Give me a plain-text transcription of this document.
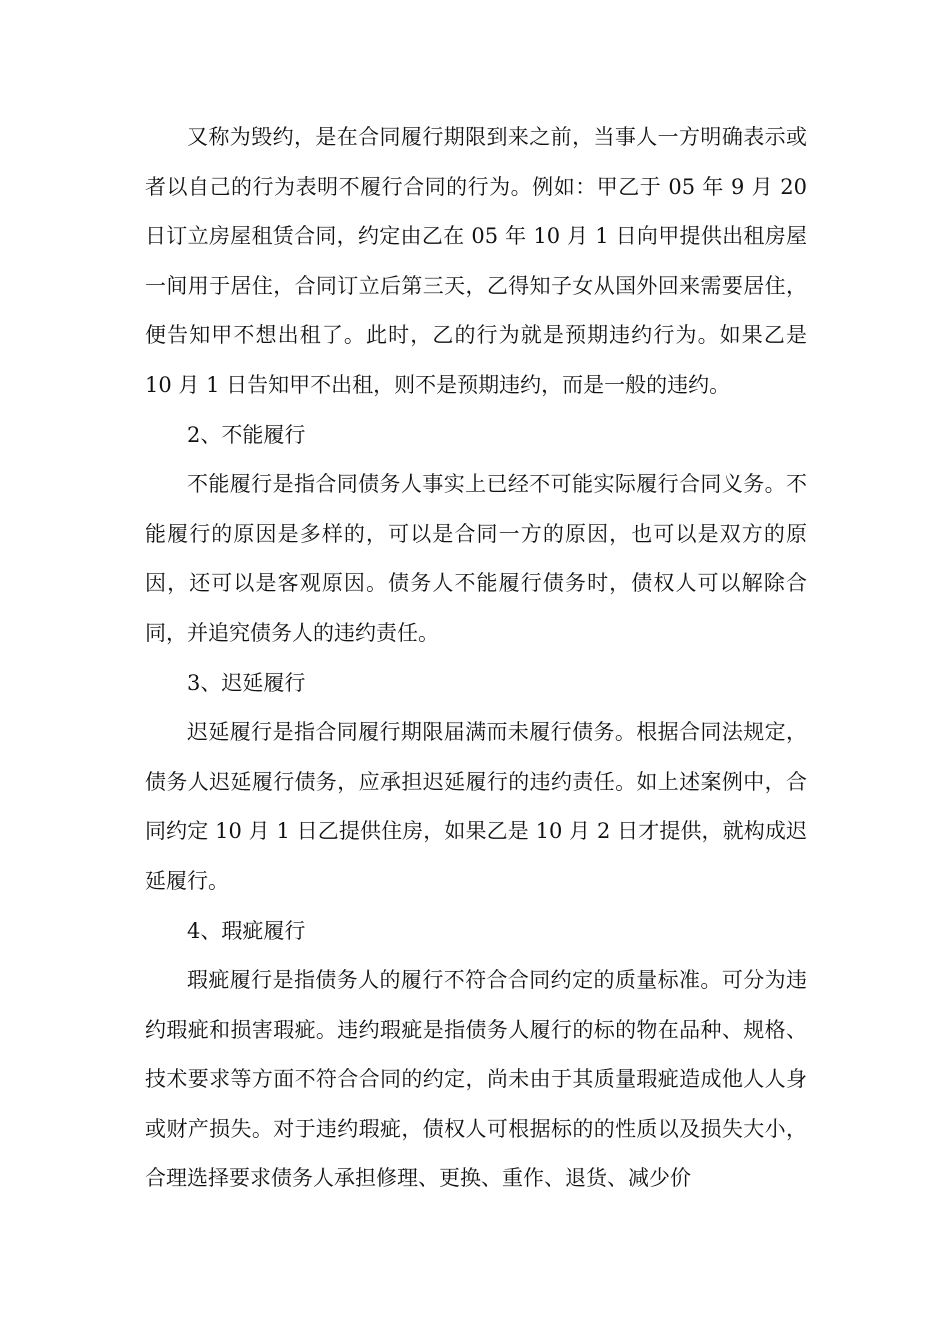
又称为毁约，是在合同履行期限到来之前，当事人一方明确表示或者以自己的行为表明不履行合同的行为。例如：甲乙于 05 年 9 月 20 日订立房屋租赁合同，约定由乙在 05 年 10 月 1 日向甲提供出租房屋一间用于居住，合同订立后第三天，乙得知子女从国外回来需要居住，便告知甲不想出租了。此时，乙的行为就是预期违约行为。如果乙是 10 月 1 日告知甲不出租，则不是预期违约，而是一般的违约。

2、不能履行

不能履行是指合同债务人事实上已经不可能实际履行合同义务。不能履行的原因是多样的，可以是合同一方的原因，也可以是双方的原因，还可以是客观原因。债务人不能履行债务时，债权人可以解除合同，并追究债务人的违约责任。

3、迟延履行

迟延履行是指合同履行期限届满而未履行债务。根据合同法规定，债务人迟延履行债务，应承担迟延履行的违约责任。如上述案例中，合同约定 10 月 1 日乙提供住房，如果乙是 10 月 2 日才提供，就构成迟延履行。

4、瑕疵履行

瑕疵履行是指债务人的履行不符合合同约定的质量标准。可分为违约瑕疵和损害瑕疵。违约瑕疵是指债务人履行的标的物在品种、规格、技术要求等方面不符合合同的约定，尚未由于其质量瑕疵造成他人人身或财产损失。对于违约瑕疵，债权人可根据标的的性质以及损失大小，合理选择要求债务人承担修理、更换、重作、退货、减少价
